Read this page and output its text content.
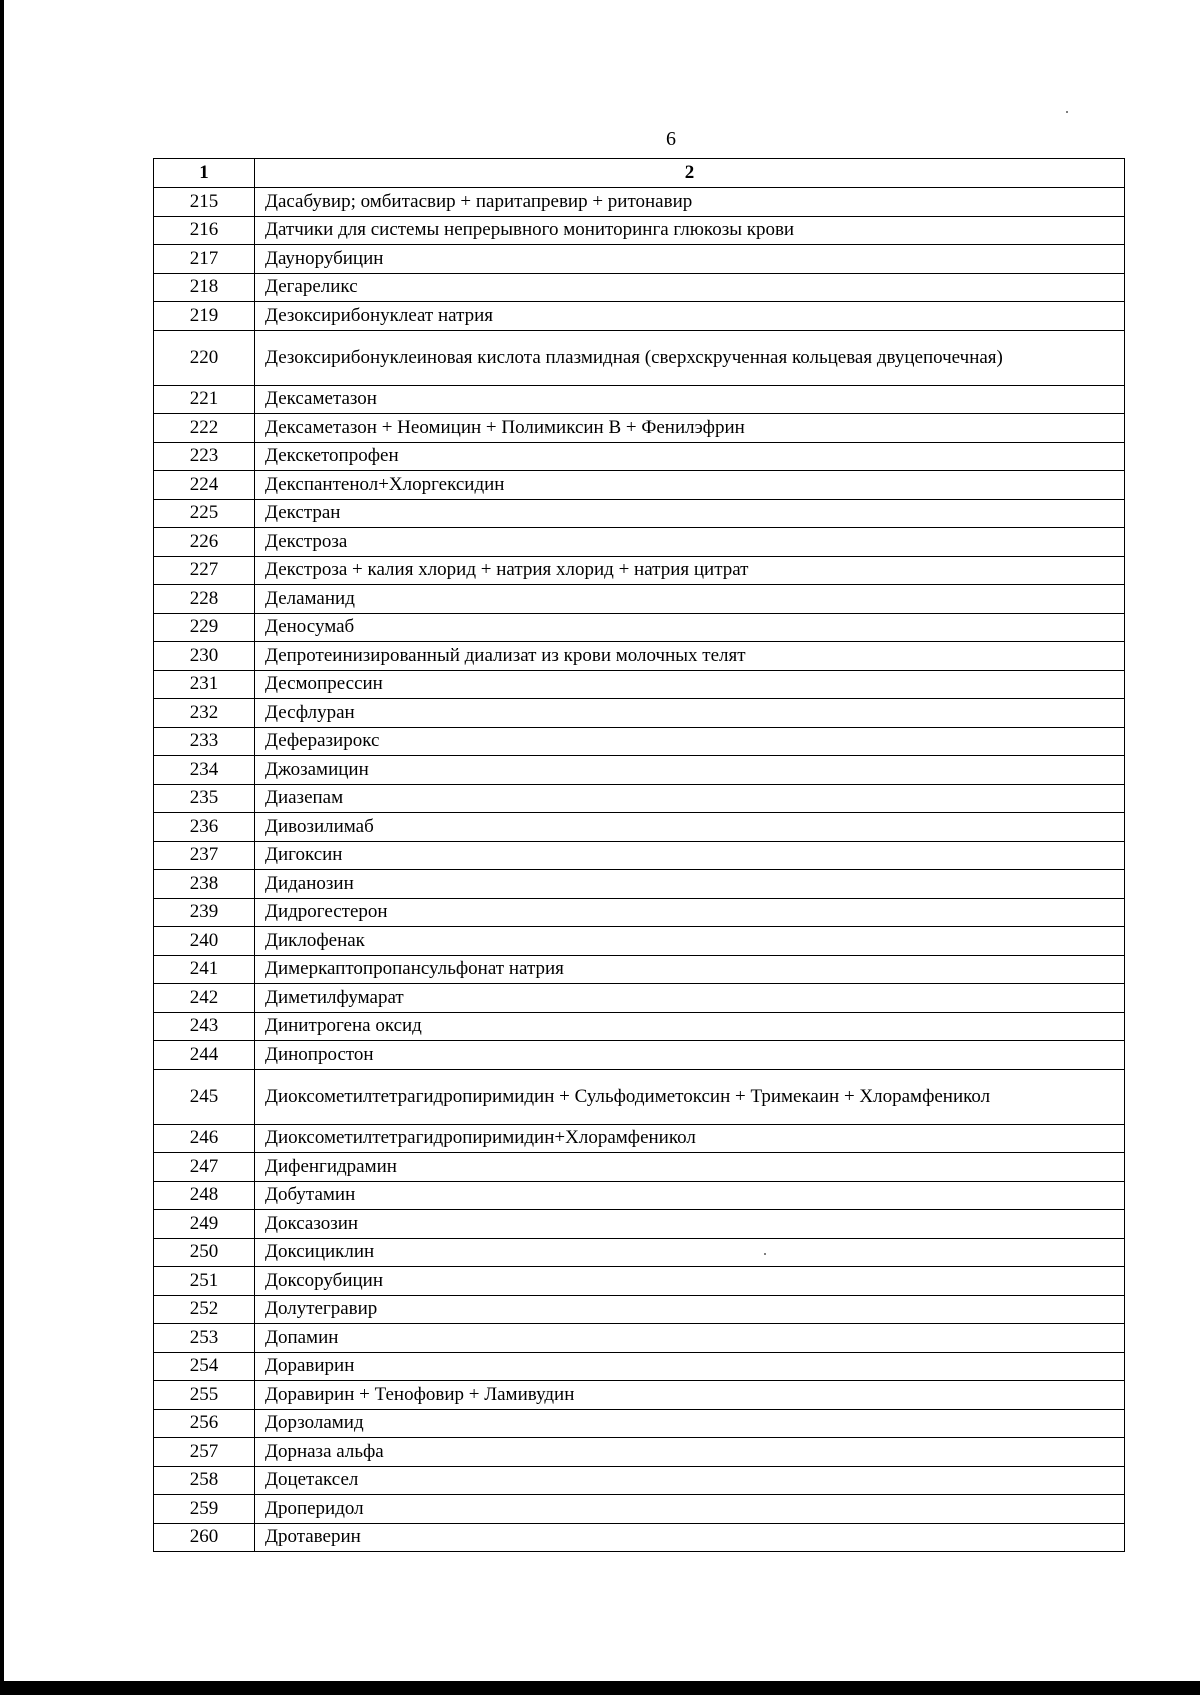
6
1	2
215	Дасабувир; омбитасвир + паритапревир + ритонавир
216	Датчики для системы непрерывного мониторинга глюкозы крови
217	Даунорубицин
218	Дегареликс
219	Дезоксирибонуклеат натрия
220	Дезоксирибонуклеиновая кислота плазмидная (сверхскрученная кольцевая двуцепочечная)
221	Дексаметазон
222	Дексаметазон + Неомицин + Полимиксин В + Фенилэфрин
223	Декскетопрофен
224	Декспантенол+Хлоргексидин
225	Декстран
226	Декстроза
227	Декстроза + калия хлорид + натрия хлорид + натрия цитрат
228	Деламанид
229	Деносумаб
230	Депротеинизированный диализат из крови молочных телят
231	Десмопрессин
232	Десфлуран
233	Деферазирокс
234	Джозамицин
235	Диазепам
236	Дивозилимаб
237	Дигоксин
238	Диданозин
239	Дидрогестерон
240	Диклофенак
241	Димеркаптопропансульфонат натрия
242	Диметилфумарат
243	Динитрогена оксид
244	Динопростон
245	Диоксометилтетрагидропиримидин + Сульфодиметоксин + Тримекаин + Хлорамфеникол
246	Диоксометилтетрагидропиримидин+Хлорамфеникол
247	Дифенгидрамин
248	Добутамин
249	Доксазозин
250	Доксициклин
251	Доксорубицин
252	Долутегравир
253	Допамин
254	Доравирин
255	Доравирин + Тенофовир + Ламивудин
256	Дорзоламид
257	Дорназа альфа
258	Доцетаксел
259	Дроперидол
260	Дротаверин
